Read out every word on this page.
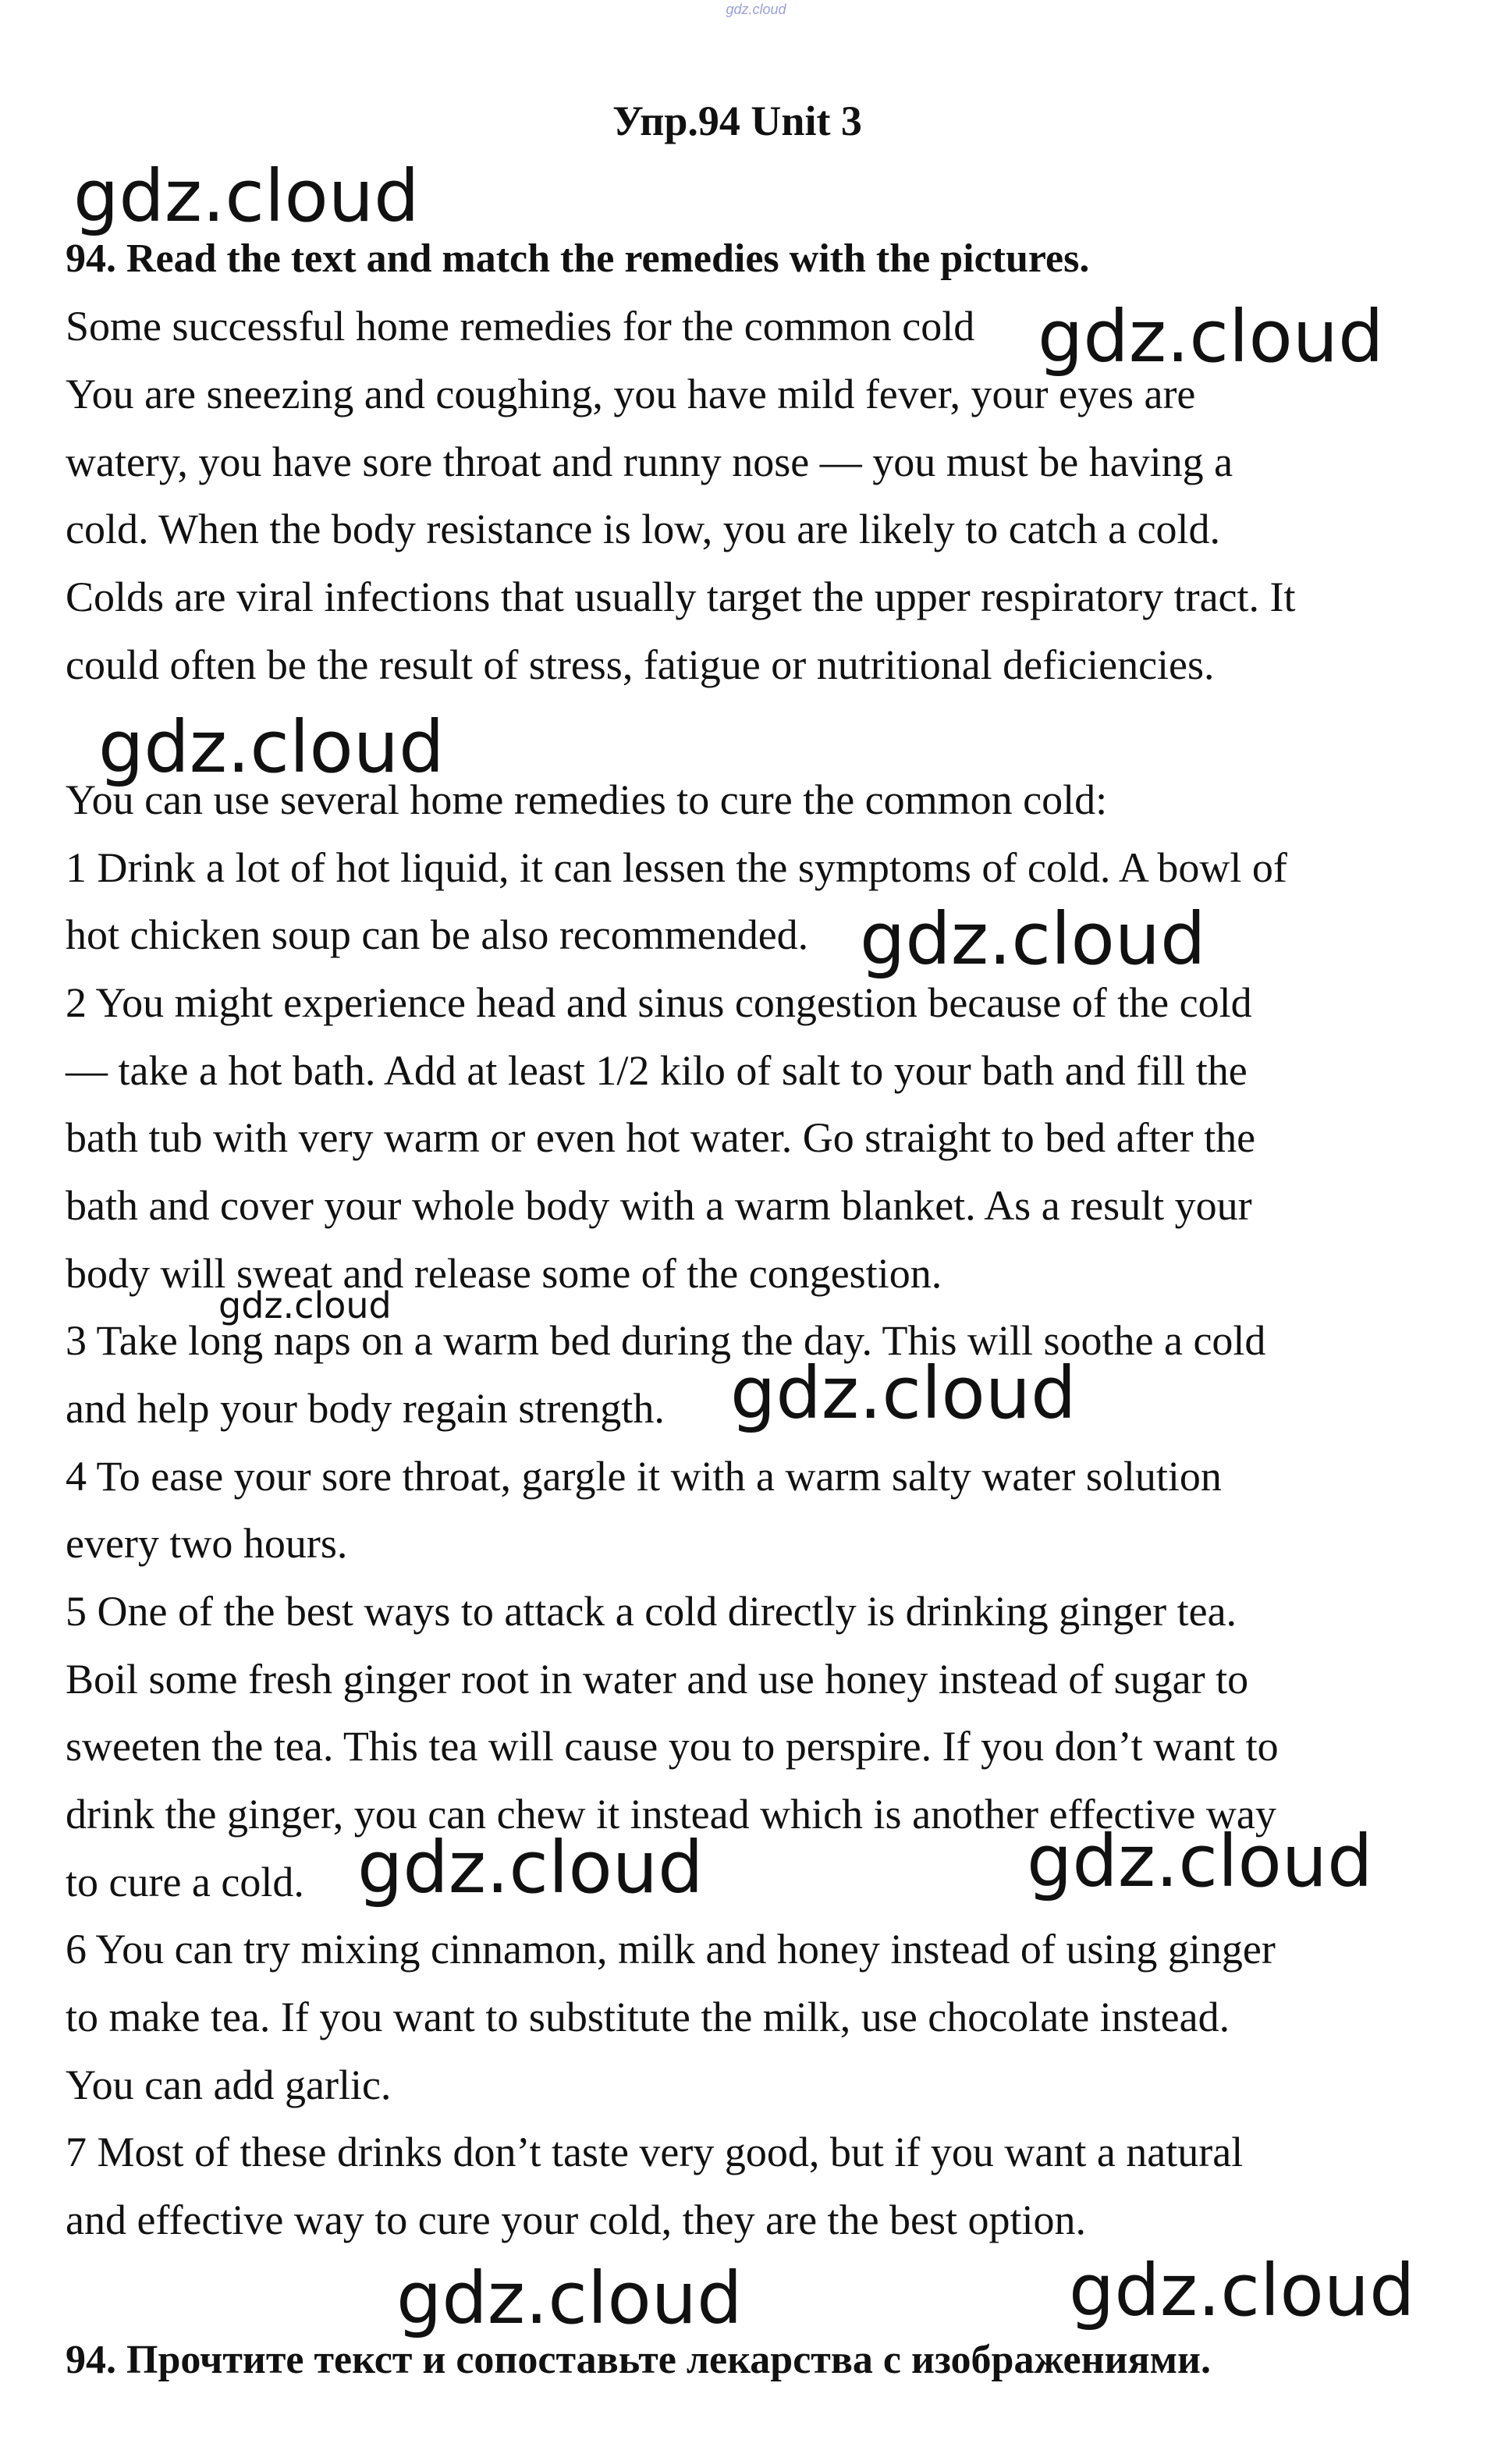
gdz.cloud
Упр.94 Unit 3
94. Read the text and match the remedies with the pictures.
Some successful home remedies for the common cold
You are sneezing and coughing, you have mild fever, your eyes are
watery, you have sore throat and runny nose — you must be having a
cold. When the body resistance is low, you are likely to catch a cold.
Colds are viral infections that usually target the upper respiratory tract. It
could often be the result of stress, fatigue or nutritional deficiencies.
You can use several home remedies to cure the common cold:
1 Drink a lot of hot liquid, it can lessen the symptoms of cold. A bowl of
hot chicken soup can be also recommended.
2 You might experience head and sinus congestion because of the cold
— take a hot bath. Add at least 1/2 kilo of salt to your bath and fill the
bath tub with very warm or even hot water. Go straight to bed after the
bath and cover your whole body with a warm blanket. As a result your
body will sweat and release some of the congestion.
3 Take long naps on a warm bed during the day. This will soothe a cold
and help your body regain strength.
4 To ease your sore throat, gargle it with a warm salty water solution
every two hours.
5 One of the best ways to attack a cold directly is drinking ginger tea.
Boil some fresh ginger root in water and use honey instead of sugar to
sweeten the tea. This tea will cause you to perspire. If you don’t want to
drink the ginger, you can chew it instead which is another effective way
to cure a cold.
6 You can try mixing cinnamon, milk and honey instead of using ginger
to make tea. If you want to substitute the milk, use chocolate instead.
You can add garlic.
7 Most of these drinks don’t taste very good, but if you want a natural
and effective way to cure your cold, they are the best option.
94. Прочтите текст и сопоставьте лекарства с изображениями.
gdz.cloud
gdz.cloud
gdz.cloud
gdz.cloud
gdz.cloud
gdz.cloud
gdz.cloud	gdz.cloud
gdz.cloud	gdz.cloud
